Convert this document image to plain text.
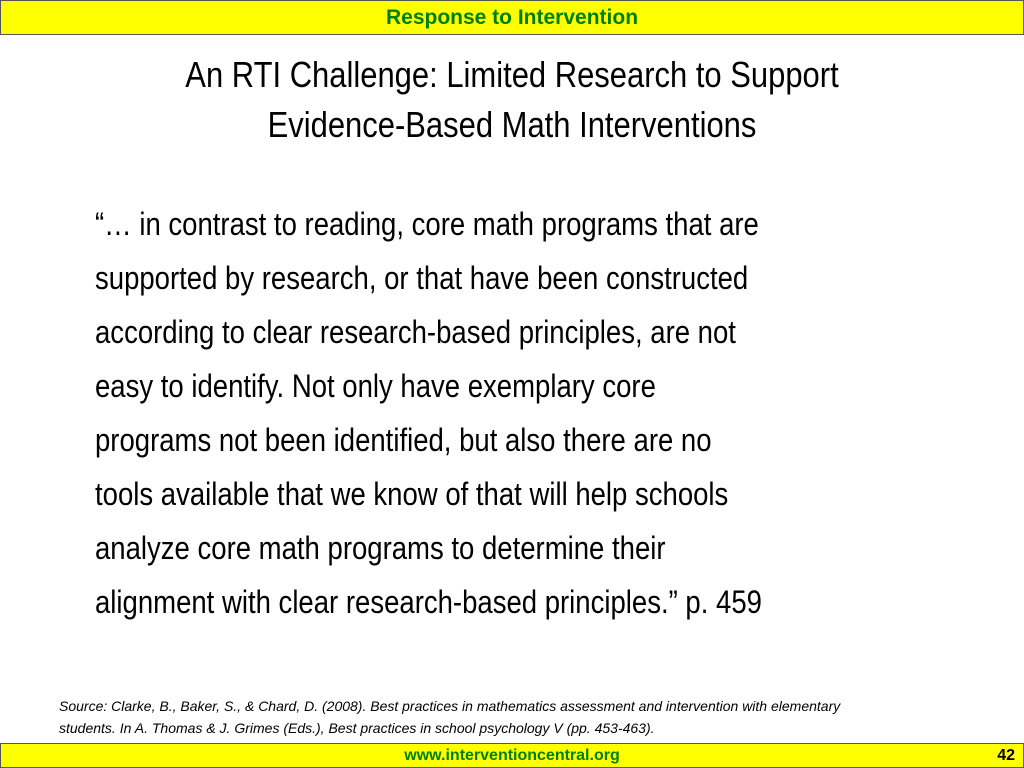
Response to Intervention
An RTI Challenge: Limited Research to Support
Evidence-Based Math Interventions
“… in contrast to reading, core math programs that are
supported by research, or that have been constructed
according to clear research-based principles, are not
easy to identify. Not only have exemplary core
programs not been identified, but also there are no
tools available that we know of that will help schools
analyze core math programs to determine their
alignment with clear research-based principles.” p. 459
Source: Clarke, B., Baker, S., & Chard, D. (2008). Best practices in mathematics assessment and intervention with elementary
students. In A. Thomas & J. Grimes (Eds.), Best practices in school psychology V (pp. 453-463).
www.interventioncentral.org	42
